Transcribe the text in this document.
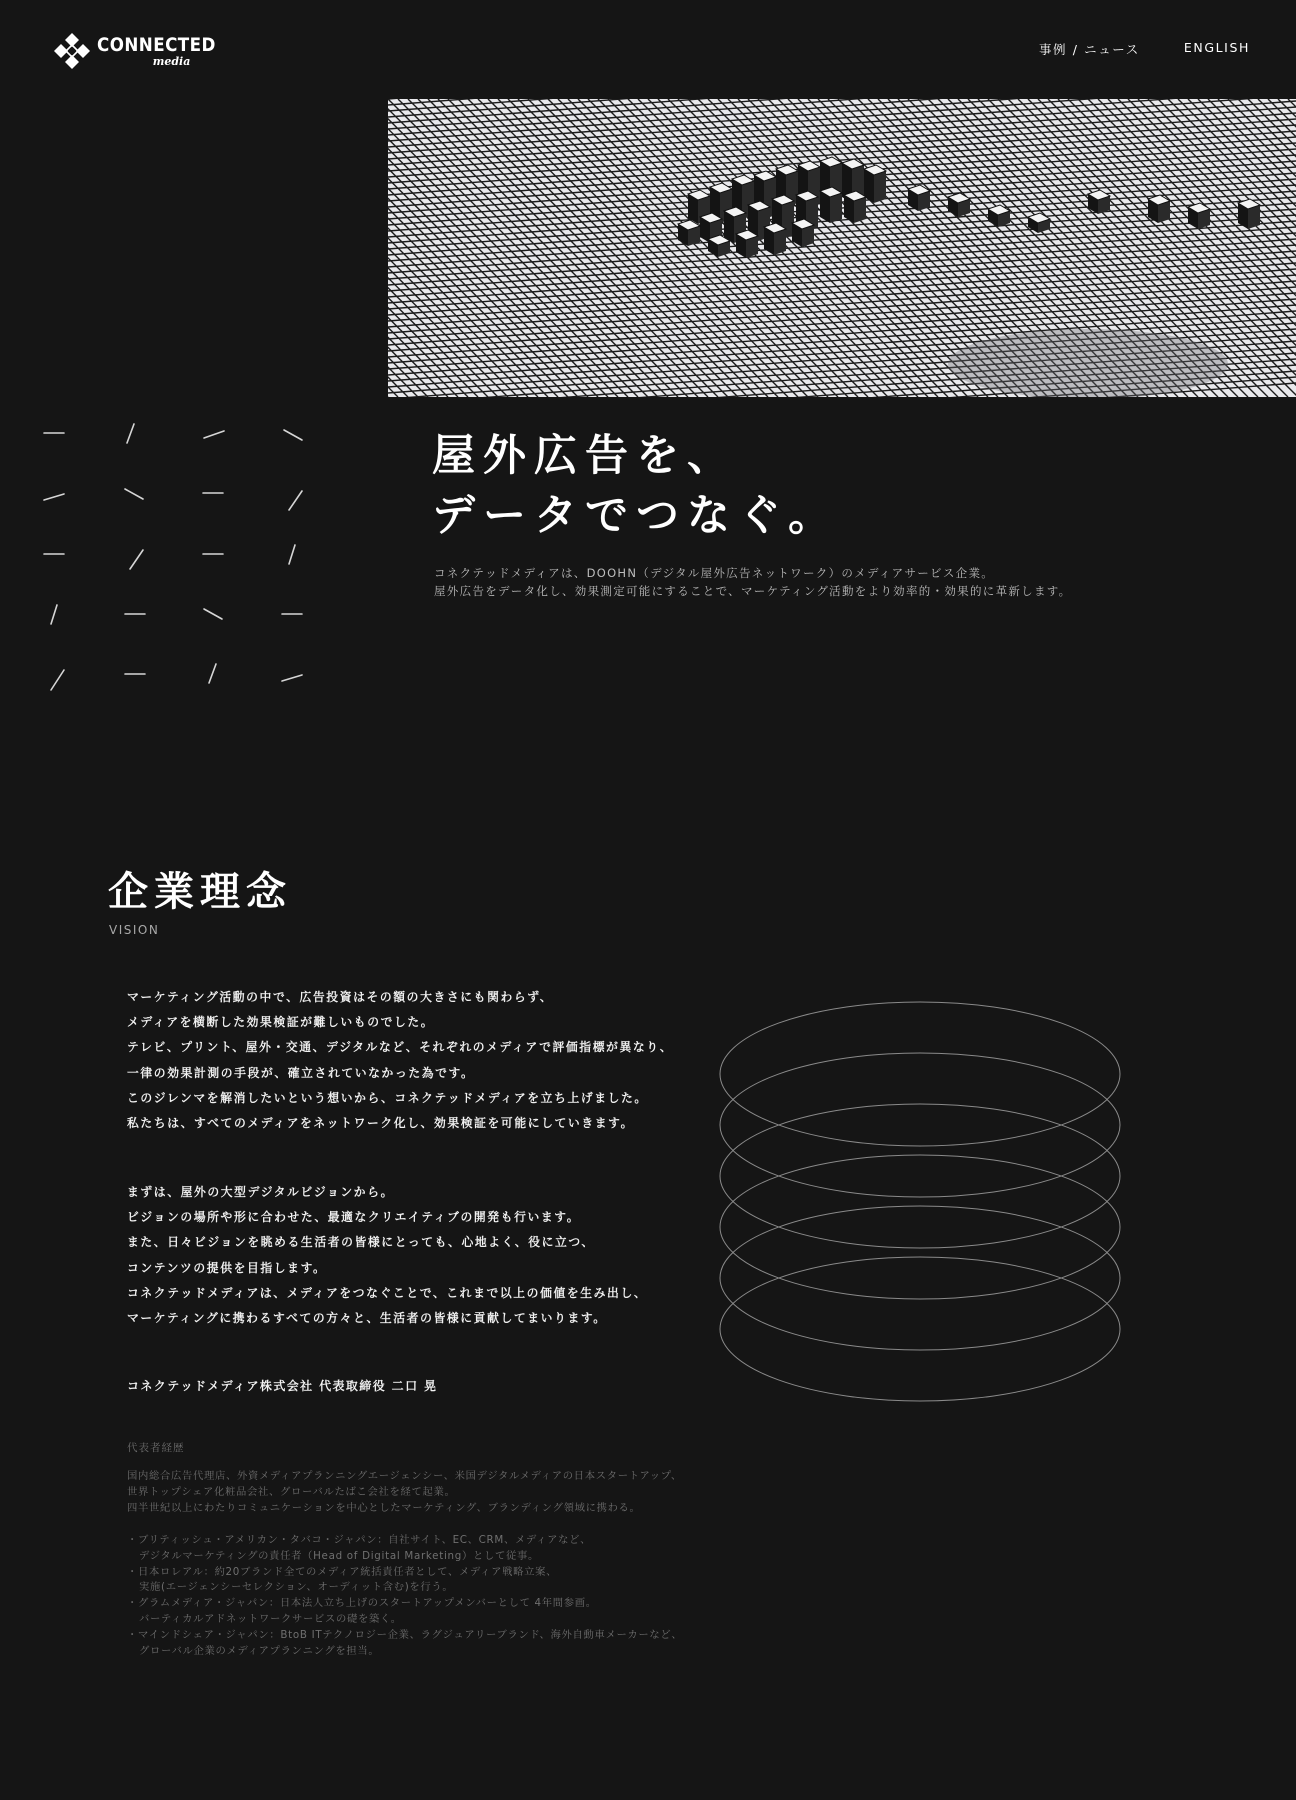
CONNECTED
media
事例 / ニュース	ENGLISH
屋外広告を、
データでつなぐ。

コネクテッドメディアは、DOOHN（デジタル屋外広告ネットワーク）のメディアサービス企業。
屋外広告をデータ化し、効果測定可能にすることで、マーケティング活動をより効率的・効果的に革新します。

企業理念
VISION
マーケティング活動の中で、広告投資はその額の大きさにも関わらず、
メディアを横断した効果検証が難しいものでした。
テレビ、プリント、屋外・交通、デジタルなど、それぞれのメディアで評価指標が異なり、
一律の効果計測の手段が、確立されていなかった為です。
このジレンマを解消したいという想いから、コネクテッドメディアを立ち上げました。
私たちは、すべてのメディアをネットワーク化し、効果検証を可能にしていきます。
まずは、屋外の大型デジタルビジョンから。
ビジョンの場所や形に合わせた、最適なクリエイティブの開発も行います。
また、日々ビジョンを眺める生活者の皆様にとっても、心地よく、役に立つ、
コンテンツの提供を目指します。
コネクテッドメディアは、メディアをつなぐことで、これまで以上の価値を生み出し、
マーケティングに携わるすべての方々と、生活者の皆様に貢献してまいります。
コネクテッドメディア株式会社 代表取締役 二口 晃
代表者経歴
国内総合広告代理店、外資メディアプランニングエージェンシー、米国デジタルメディアの日本スタートアップ、
世界トップシェア化粧品会社、グローバルたばこ会社を経て起業。
四半世紀以上にわたりコミュニケーションを中心としたマーケティング、ブランディング領域に携わる。
・ブリティッシュ・アメリカン・タバコ・ジャパン：自社サイト、EC、CRM、メディアなど、
デジタルマーケティングの責任者（Head of Digital Marketing）として従事。
・日本ロレアル：約20ブランド全てのメディア統括責任者として、メディア戦略立案、
実施(エージェンシーセレクション、オーディット含む)を行う。
・グラムメディア・ジャパン：日本法人立ち上げのスタートアップメンバーとして 4年間参画。
バーティカルアドネットワークサービスの礎を築く。
・マインドシェア・ジャパン：BtoB ITテクノロジー企業、ラグジュアリーブランド、海外自動車メーカーなど、
グローバル企業のメディアプランニングを担当。
